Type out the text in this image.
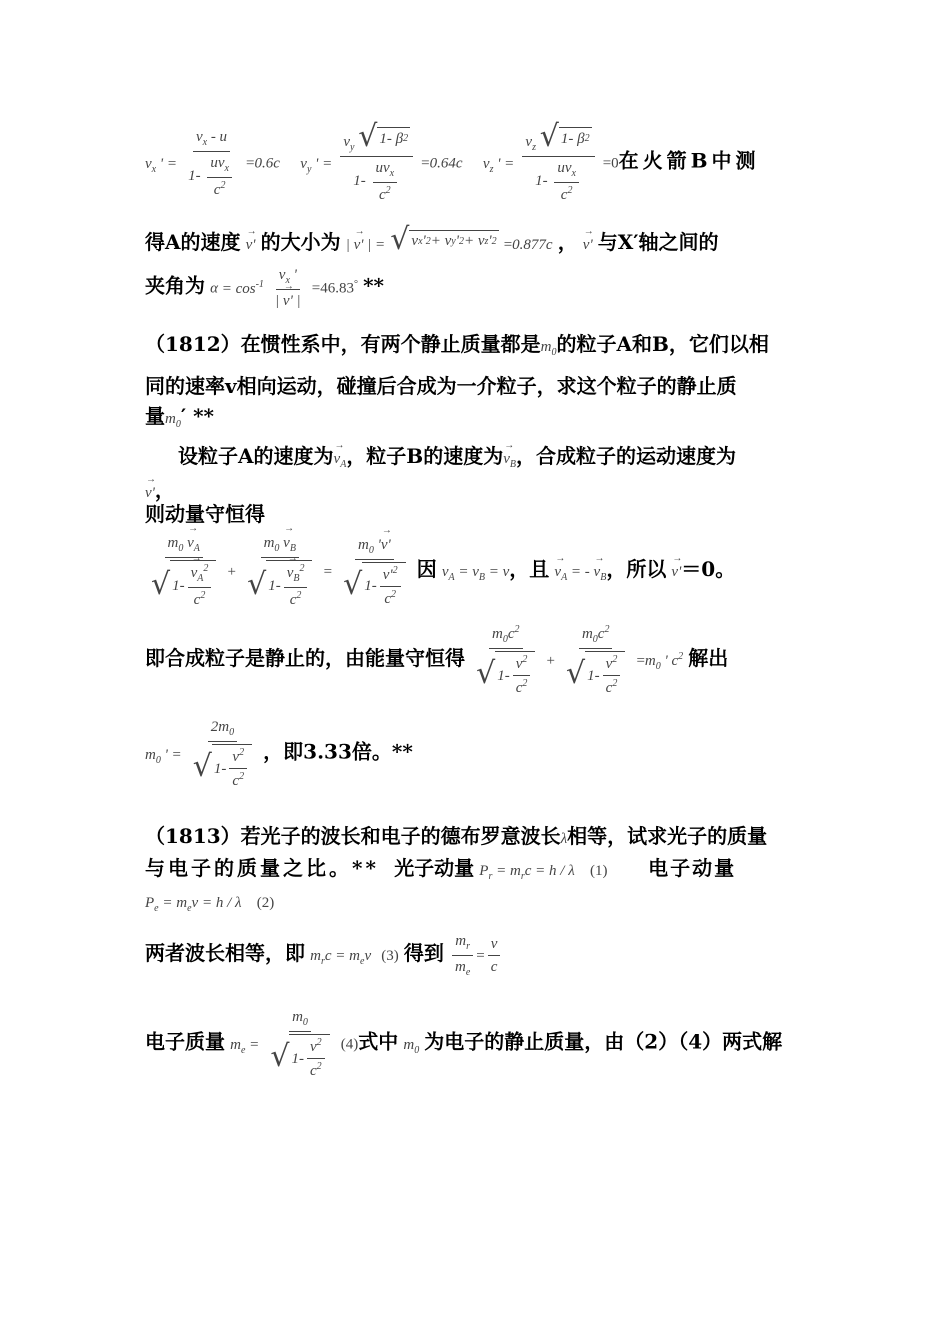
$v_x$ ' = $\frac{v_x - u}{1- \frac{uv_x}{c^2}} =0.6c$ $v_y$ ' = $\frac{v_y √ 1- \beta 2}{1- \frac{uv_x}{c^2}} =0.64c$ $v_z$ ' = $\frac{v_z √ 1- \beta 2}{1- \frac{uv_x}{c^2}} =0$在火箭B中测
得A的速度 → v' 的大小为 | → v' | = √ v x ' 2 + v y ' 2 + v z ' 2 =0.877c ， → v' 与X′轴之间的
夹角为 $\alpha = \cos^{-1} \frac{v_x '}{| \to v' |} =46.83^\circ$ **
（1812）在惯性系中，有两个静止质量都是$m_0$的粒子A和B，它们以相
同的速率v相向运动，碰撞后合成为一介粒子，求这个粒子的静止质
量$m_0'$ **
设粒子A的速度为→ $v_A$，粒子B的速度为→ $v_B$，合成粒子的运动速度为
→ v'，
则动量守恒得
$m_0 \to v_A$
√ 1-
→ $\frac{v_A^2}{c^2} + m_0 \to v_B$
√ 1-
→ $\frac{v_B^2}{c^2} = \frac{m_0 '\to v'}{√ 1- \frac{v'^2}{c^2}}$ 因 $v_A = v_B = v$，且 → $v_A$ = - → $v_B$，所以 → v'＝0。
即合成粒子是静止的，由能量守恒得 $\frac{m_0c^2}{√ 1- \frac{v^2}{c^2}} + \frac{m_0c^2}{√ 1- \frac{v^2}{c^2}} =m_0$ ' $c^2$ 解出
$m_0$ ' = $\frac{2m_0}{√ 1- \frac{v^2}{c^2}}$ ，即3.33倍。**
（1813）若光子的波长和电子的德布罗意波长λ相等，试求光子的质量
与电子的质量之比。** 光子动量 $P_r = m_rc = h / \lambda$ (1) 电子动量
$P_e = m_ev = h / \lambda$ (2)
两者波长相等，即 $m_rc = m_ev$ (3) 得到 $\frac{m_r}{m_e} = \frac{v}{c}$
电子质量 $m_e = \frac{m_0}{√ 1- \frac{v^2}{c^2}} (4)$式中 $m_0$ 为电子的静止质量，由（2）（4）两式解
